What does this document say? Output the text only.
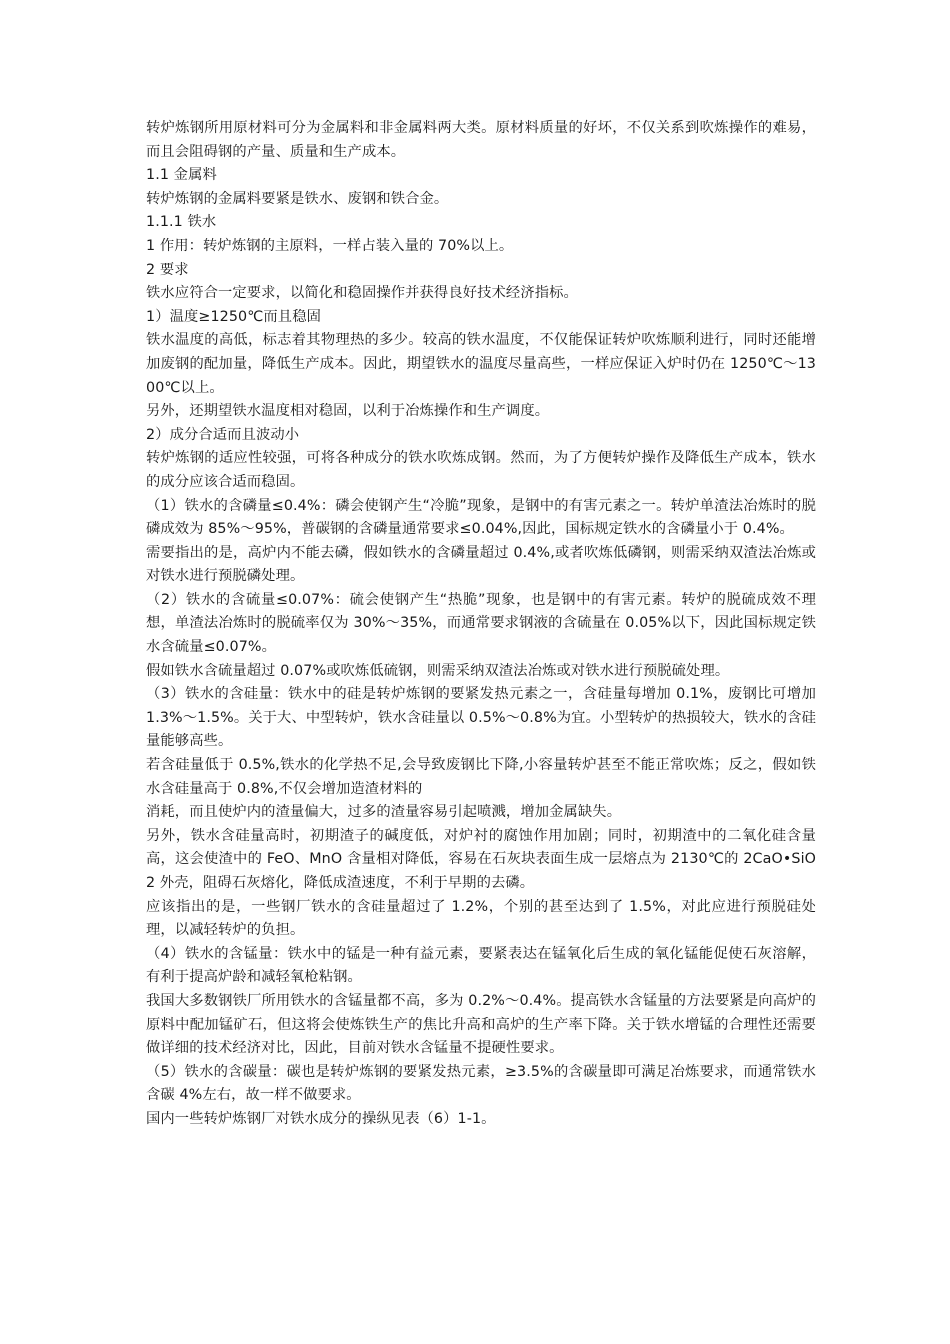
转炉炼钢所用原材料可分为金属料和非金属料两大类。原材料质量的好坏，不仅关系到吹炼操作的难易，而且会阻碍钢的产量、质量和生产成本。

1.1 金属料

转炉炼钢的金属料要紧是铁水、废钢和铁合金。

1.1.1 铁水

1 作用：转炉炼钢的主原料，一样占装入量的 70%以上。

2 要求

铁水应符合一定要求，以简化和稳固操作并获得良好技术经济指标。

1）温度≥1250℃而且稳固

铁水温度的高低，标志着其物理热的多少。较高的铁水温度，不仅能保证转炉吹炼顺利进行，同时还能增加废钢的配加量，降低生产成本。因此，期望铁水的温度尽量高些，一样应保证入炉时仍在 1250℃～1300℃以上。

另外，还期望铁水温度相对稳固，以利于冶炼操作和生产调度。

2）成分合适而且波动小

转炉炼钢的适应性较强，可将各种成分的铁水吹炼成钢。然而，为了方便转炉操作及降低生产成本，铁水的成分应该合适而稳固。

（1）铁水的含磷量≤0.4%：磷会使钢产生“冷脆”现象，是钢中的有害元素之一。转炉单渣法冶炼时的脱磷成效为 85%～95%，普碳钢的含磷量通常要求≤0.04%,因此，国标规定铁水的含磷量小于 0.4%。

需要指出的是，高炉内不能去磷，假如铁水的含磷量超过 0.4%,或者吹炼低磷钢，则需采纳双渣法冶炼或对铁水进行预脱磷处理。

（2）铁水的含硫量≤0.07%：硫会使钢产生“热脆”现象，也是钢中的有害元素。转炉的脱硫成效不理想，单渣法冶炼时的脱硫率仅为 30%～35%，而通常要求钢液的含硫量在 0.05%以下，因此国标规定铁水含硫量≤0.07%。

假如铁水含硫量超过 0.07%或吹炼低硫钢，则需采纳双渣法冶炼或对铁水进行预脱硫处理。

（3）铁水的含硅量：铁水中的硅是转炉炼钢的要紧发热元素之一，含硅量每增加 0.1%，废钢比可增加 1.3%～1.5%。关于大、中型转炉，铁水含硅量以 0.5%～0.8%为宜。小型转炉的热损较大，铁水的含硅量能够高些。

若含硅量低于 0.5%,铁水的化学热不足,会导致废钢比下降,小容量转炉甚至不能正常吹炼；反之，假如铁水含硅量高于 0.8%,不仅会增加造渣材料的

消耗，而且使炉内的渣量偏大，过多的渣量容易引起喷溅，增加金属缺失。

另外，铁水含硅量高时，初期渣子的碱度低，对炉衬的腐蚀作用加剧；同时，初期渣中的二氧化硅含量高，这会使渣中的 FeO、MnO 含量相对降低，容易在石灰块表面生成一层熔点为 2130℃的 2CaO•SiO2 外壳，阻碍石灰熔化，降低成渣速度，不利于早期的去磷。

应该指出的是，一些钢厂铁水的含硅量超过了 1.2%，个别的甚至达到了 1.5%，对此应进行预脱硅处理，以减轻转炉的负担。

（4）铁水的含锰量：铁水中的锰是一种有益元素，要紧表达在锰氧化后生成的氧化锰能促使石灰溶解，有利于提高炉龄和减轻氧枪粘钢。

我国大多数钢铁厂所用铁水的含锰量都不高，多为 0.2%～0.4%。提高铁水含锰量的方法要紧是向高炉的原料中配加锰矿石，但这将会使炼铁生产的焦比升高和高炉的生产率下降。关于铁水增锰的合理性还需要做详细的技术经济对比，因此，目前对铁水含锰量不提硬性要求。

（5）铁水的含碳量：碳也是转炉炼钢的要紧发热元素，≥3.5%的含碳量即可满足冶炼要求，而通常铁水含碳 4%左右，故一样不做要求。

国内一些转炉炼钢厂对铁水成分的操纵见表（6）1-1。
